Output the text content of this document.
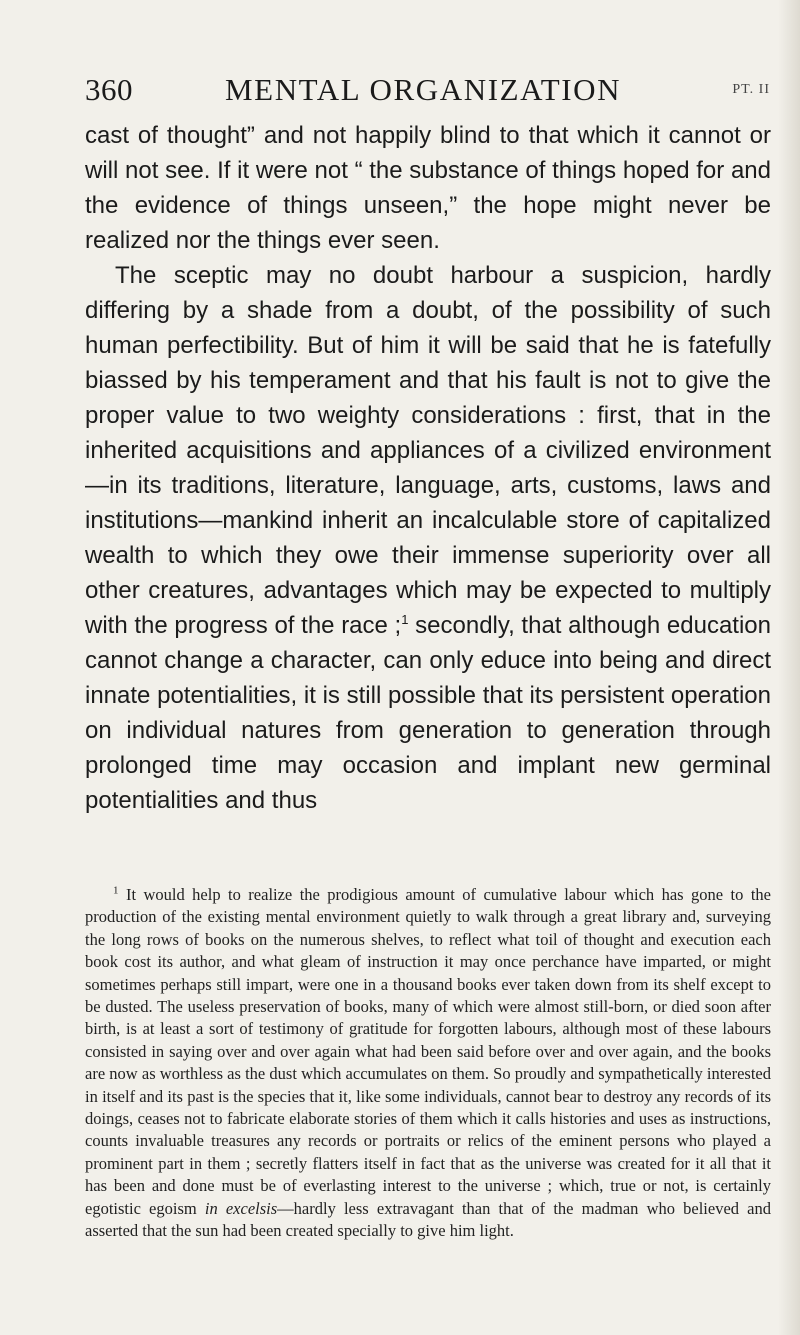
360	MENTAL ORGANIZATION	PT. II

cast of thought” and not happily blind to that which it cannot or will not see. If it were not “ the substance of things hoped for and the evidence of things unseen,” the hope might never be realized nor the things ever seen.

The sceptic may no doubt harbour a suspicion, hardly differing by a shade from a doubt, of the possibility of such human perfectibility. But of him it will be said that he is fatefully biassed by his temperament and that his fault is not to give the proper value to two weighty considerations : first, that in the inherited acquisitions and appliances of a civilized environment—in its traditions, literature, language, arts, customs, laws and institutions—mankind inherit an incalculable store of capitalized wealth to which they owe their immense superiority over all other creatures, advantages which may be expected to multiply with the progress of the race ;$^1$ secondly, that although education cannot change a character, can only educe into being and direct innate potentialities, it is still possible that its persistent operation on individual natures from generation to generation through prolonged time may occasion and implant new germinal potentialities and thus

$^1$ It would help to realize the prodigious amount of cumulative labour which has gone to the production of the existing mental environment quietly to walk through a great library and, surveying the long rows of books on the numerous shelves, to reflect what toil of thought and execution each book cost its author, and what gleam of instruction it may once perchance have imparted, or might sometimes perhaps still impart, were one in a thousand books ever taken down from its shelf except to be dusted. The useless preservation of books, many of which were almost still-born, or died soon after birth, is at least a sort of testimony of gratitude for forgotten labours, although most of these labours consisted in saying over and over again what had been said before over and over again, and the books are now as worthless as the dust which accumulates on them. So proudly and sympathetically interested in itself and its past is the species that it, like some individuals, cannot bear to destroy any records of its doings, ceases not to fabricate elaborate stories of them which it calls histories and uses as instructions, counts invaluable treasures any records or portraits or relics of the eminent persons who played a prominent part in them ; secretly flatters itself in fact that as the universe was created for it all that it has been and done must be of everlasting interest to the universe ; which, true or not, is certainly egotistic egoism in excelsis—hardly less extravagant than that of the madman who believed and asserted that the sun had been created specially to give him light.
